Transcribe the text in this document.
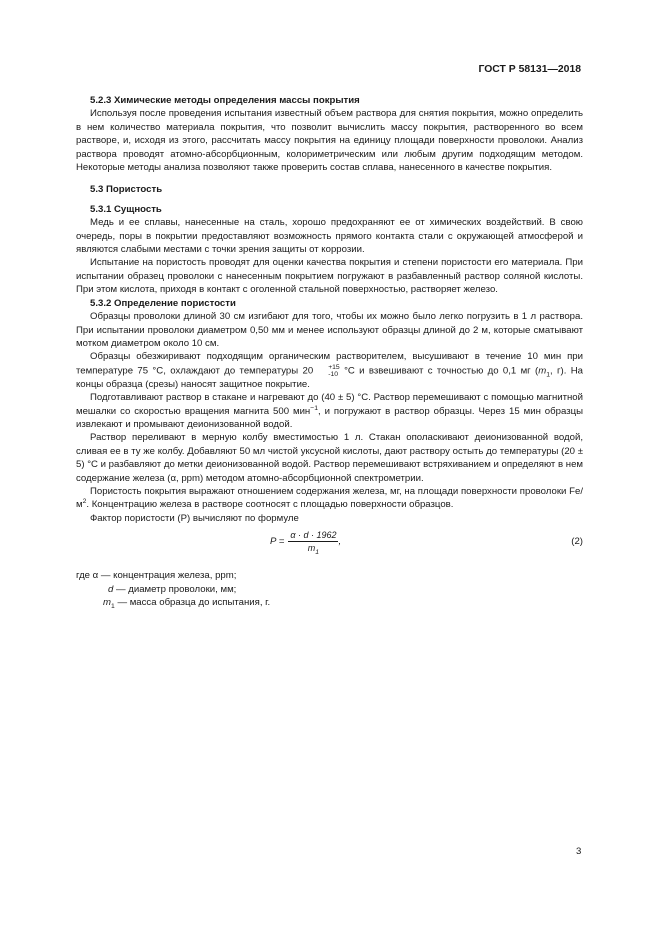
ГОСТ Р 58131—2018
5.2.3 Химические методы определения массы покрытия

Используя после проведения испытания известный объем раствора для снятия покрытия, можно определить в нем количество материала покрытия, что позволит вычислить массу покрытия, растворенного во всем растворе, и, исходя из этого, рассчитать массу покрытия на единицу площади поверхности проволоки. Анализ раствора проводят атомно-абсорбционным, колориметрическим или любым другим подходящим методом. Некоторые методы анализа позволяют также проверить состав сплава, нанесенного в качестве покрытия.

5.3 Пористость
5.3.1 Сущность

Медь и ее сплавы, нанесенные на сталь, хорошо предохраняют ее от химических воздействий. В свою очередь, поры в покрытии предоставляют возможность прямого контакта стали с окружающей атмосферой и являются слабыми местами с точки зрения защиты от коррозии.

Испытание на пористость проводят для оценки качества покрытия и степени пористости его материала. При испытании образец проволоки с нанесенным покрытием погружают в разбавленный раствор соляной кислоты. При этом кислота, приходя в контакт с оголенной стальной поверхностью, растворяет железо.

5.3.2 Определение пористости

Образцы проволоки длиной 30 см изгибают для того, чтобы их можно было легко погрузить в 1 л раствора. При испытании проволоки диаметром 0,50 мм и менее используют образцы длиной до 2 м, которые сматывают мотком диаметром около 10 см.

Образцы обезжиривают подходящим органическим растворителем, высушивают в течение 10 мин при температуре 75 °С, охлаждают до температуры 20	+15
-10 °С и взвешивают с точностью до 0,1 мг ($m_1$, г). На концы образца (срезы) наносят защитное покрытие.

Подготавливают раствор в стакане и нагревают до (40 ± 5) °С. Раствор перемешивают с помощью магнитной мешалки со скоростью вращения магнита 500 мин$^{-1}$, и погружают в раствор образцы. Через 15 мин образцы извлекают и промывают деионизованной водой.

Раствор переливают в мерную колбу вместимостью 1 л. Стакан ополаскивают деионизованной водой, сливая ее в ту же колбу. Добавляют 50 мл чистой уксусной кислоты, дают раствору остыть до температуры (20 ± 5) °С и разбавляют до метки деионизованной водой. Раствор перемешивают встряхиванием и определяют в нем содержание железа (α, ppm) методом атомно-абсорбционной спектрометрии.

Пористость покрытия выражают отношением содержания железа, мг, на площади поверхности проволоки $Fe/м^2$. Концентрацию железа в растворе соотносят с площадью поверхности образцов.

Фактор пористости (Р) вычисляют по формуле

$P = \frac{\alpha \cdot d \cdot 1962}{m_1}$ ,	(2)
где α — концентрация железа, ppm;
d — диаметр проволоки, мм;
$m_1$ — масса образца до испытания, г.
3
